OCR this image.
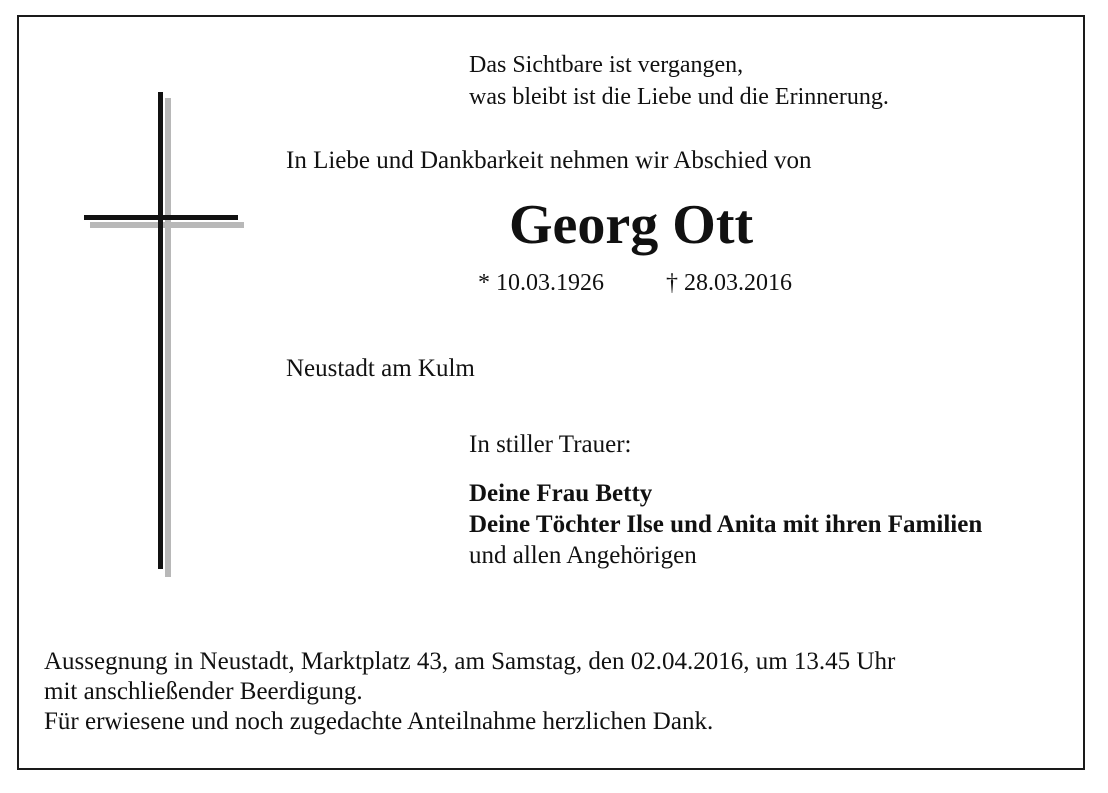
Das Sichtbare ist vergangen,
was bleibt ist die Liebe und die Erinnerung.
In Liebe und Dankbarkeit nehmen wir Abschied von
Georg Ott
* 10.03.1926	† 28.03.2016
Neustadt am Kulm
In stiller Trauer:
Deine Frau Betty
Deine Töchter Ilse und Anita mit ihren Familien
und allen Angehörigen
Aussegnung in Neustadt, Marktplatz 43, am Samstag, den 02.04.2016, um 13.45 Uhr
mit anschließender Beerdigung.
Für erwiesene und noch zugedachte Anteilnahme herzlichen Dank.
